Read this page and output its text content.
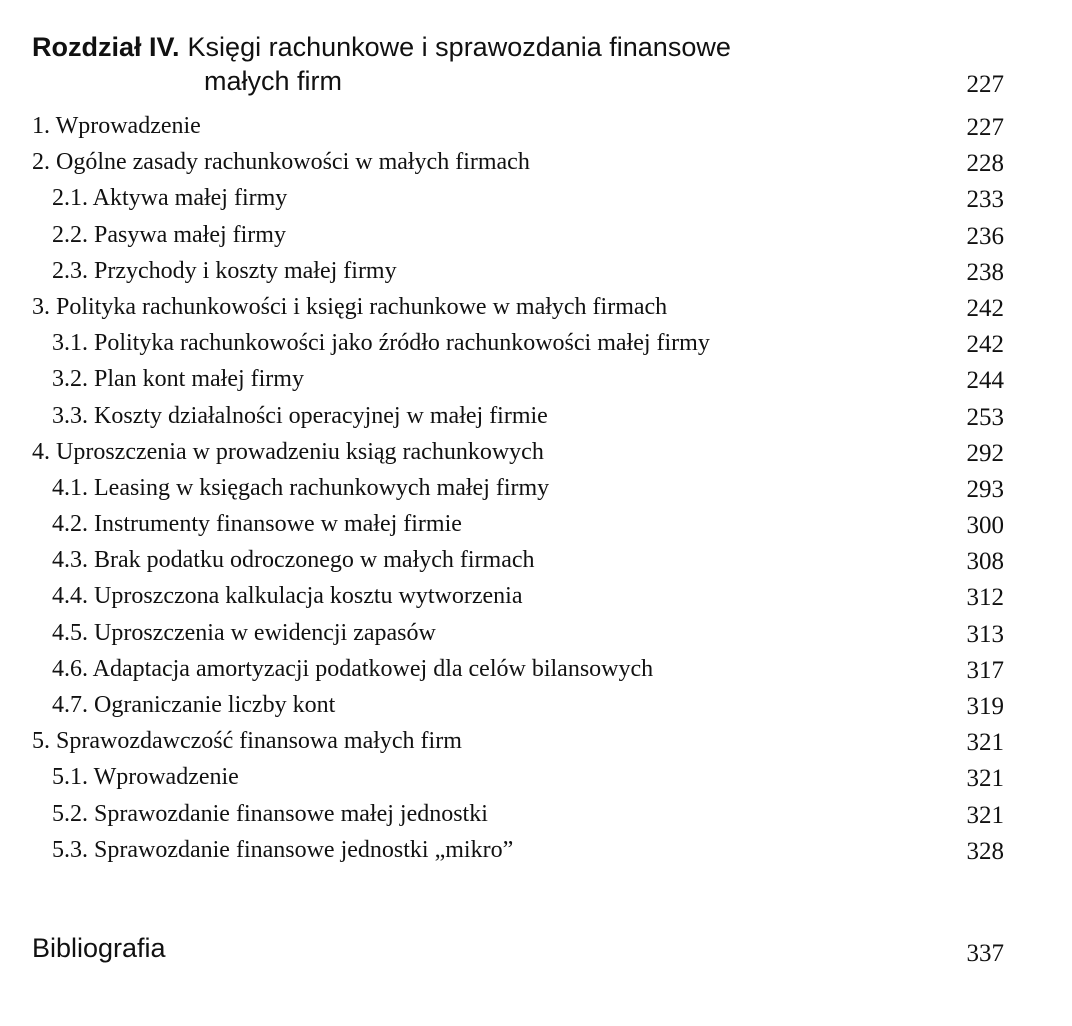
Rozdział IV. Księgi rachunkowe i sprawozdania finansowe
małych firm	227
1. Wprowadzenie	227
2. Ogólne zasady rachunkowości w małych firmach	228
2.1. Aktywa małej firmy	233
2.2. Pasywa małej firmy	236
2.3. Przychody i koszty małej firmy	238
3. Polityka rachunkowości i księgi rachunkowe w małych firmach	242
3.1. Polityka rachunkowości jako źródło rachunkowości małej firmy	242
3.2. Plan kont małej firmy	244
3.3. Koszty działalności operacyjnej w małej firmie	253
4. Uproszczenia w prowadzeniu ksiąg rachunkowych	292
4.1. Leasing w księgach rachunkowych małej firmy	293
4.2. Instrumenty finansowe w małej firmie	300
4.3. Brak podatku odroczonego w małych firmach	308
4.4. Uproszczona kalkulacja kosztu wytworzenia	312
4.5. Uproszczenia w ewidencji zapasów	313
4.6. Adaptacja amortyzacji podatkowej dla celów bilansowych	317
4.7. Ograniczanie liczby kont	319
5. Sprawozdawczość finansowa małych firm	321
5.1. Wprowadzenie	321
5.2. Sprawozdanie finansowe małej jednostki	321
5.3. Sprawozdanie finansowe jednostki „mikro”	328
Bibliografia	337
